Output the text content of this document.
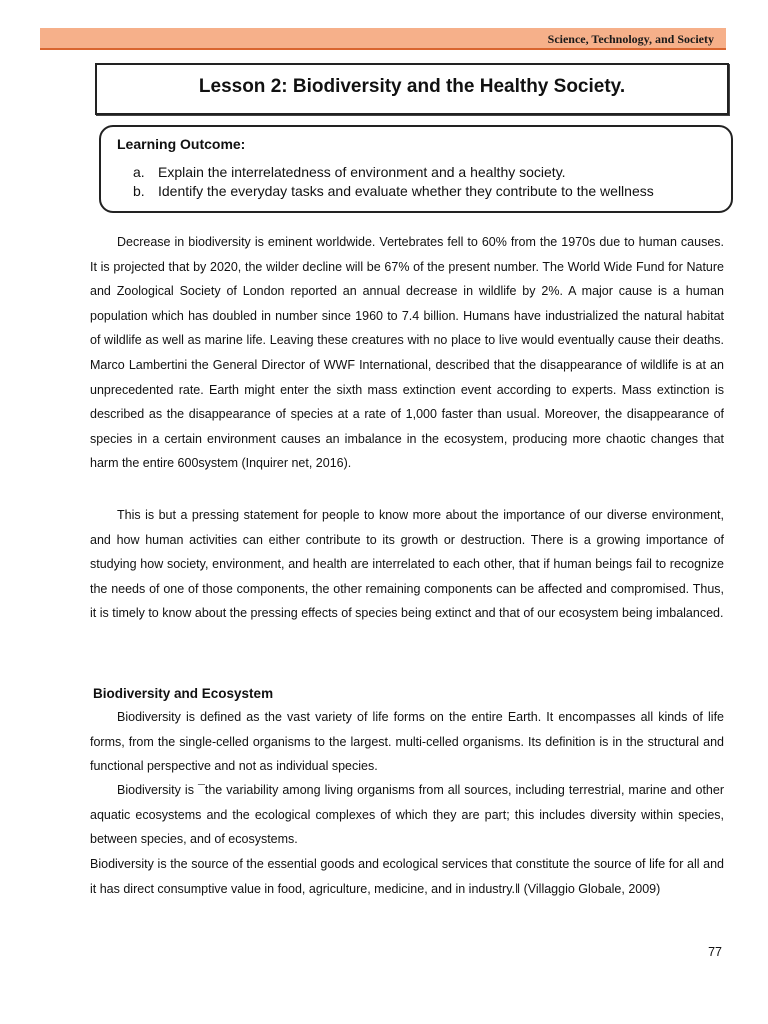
Science, Technology, and Society
Lesson 2: Biodiversity and the Healthy Society.
Learning Outcome:
a. Explain the interrelatedness of environment and a healthy society.
b. Identify the everyday tasks and evaluate whether they contribute to the wellness

Decrease in biodiversity is eminent worldwide. Vertebrates fell to 60% from the 1970s due to human causes. It is projected that by 2020, the wilder decline will be 67% of the present number. The World Wide Fund for Nature and Zoological Society of London reported an annual decrease in wildlife by 2%. A major cause is a human population which has doubled in number since 1960 to 7.4 billion. Humans have industrialized the natural habitat of wildlife as well as marine life. Leaving these creatures with no place to live would eventually cause their deaths. Marco Lambertini the General Director of WWF International, described that the disappearance of wildlife is at an unprecedented rate. Earth might enter the sixth mass extinction event according to experts. Mass extinction is described as the disappearance of species at a rate of 1,000 faster than usual. Moreover, the disappearance of species in a certain environment causes an imbalance in the ecosystem, producing more chaotic changes that harm the entire 600system (Inquirer net, 2016).

This is but a pressing statement for people to know more about the importance of our diverse environment, and how human activities can either contribute to its growth or destruction. There is a growing importance of studying how society, environment, and health are interrelated to each other, that if human beings fail to recognize the needs of one of those components, the other remaining components can be affected and compromised. Thus, it is timely to know about the pressing effects of species being extinct and that of our ecosystem being imbalanced.

Biodiversity and Ecosystem

Biodiversity is defined as the vast variety of life forms on the entire Earth. It encompasses all kinds of life forms, from the single-celled organisms to the largest. multi-celled organisms. Its definition is in the structural and functional perspective and not as individual species.

Biodiversity is ¯the variability among living organisms from all sources, including terrestrial, marine and other aquatic ecosystems and the ecological complexes of which they are part; this includes diversity within species, between species, and of ecosystems.

Biodiversity is the source of the essential goods and ecological services that constitute the source of life for all and it has direct consumptive value in food, agriculture, medicine, and in industry.‖ (Villaggio Globale, 2009)

77
